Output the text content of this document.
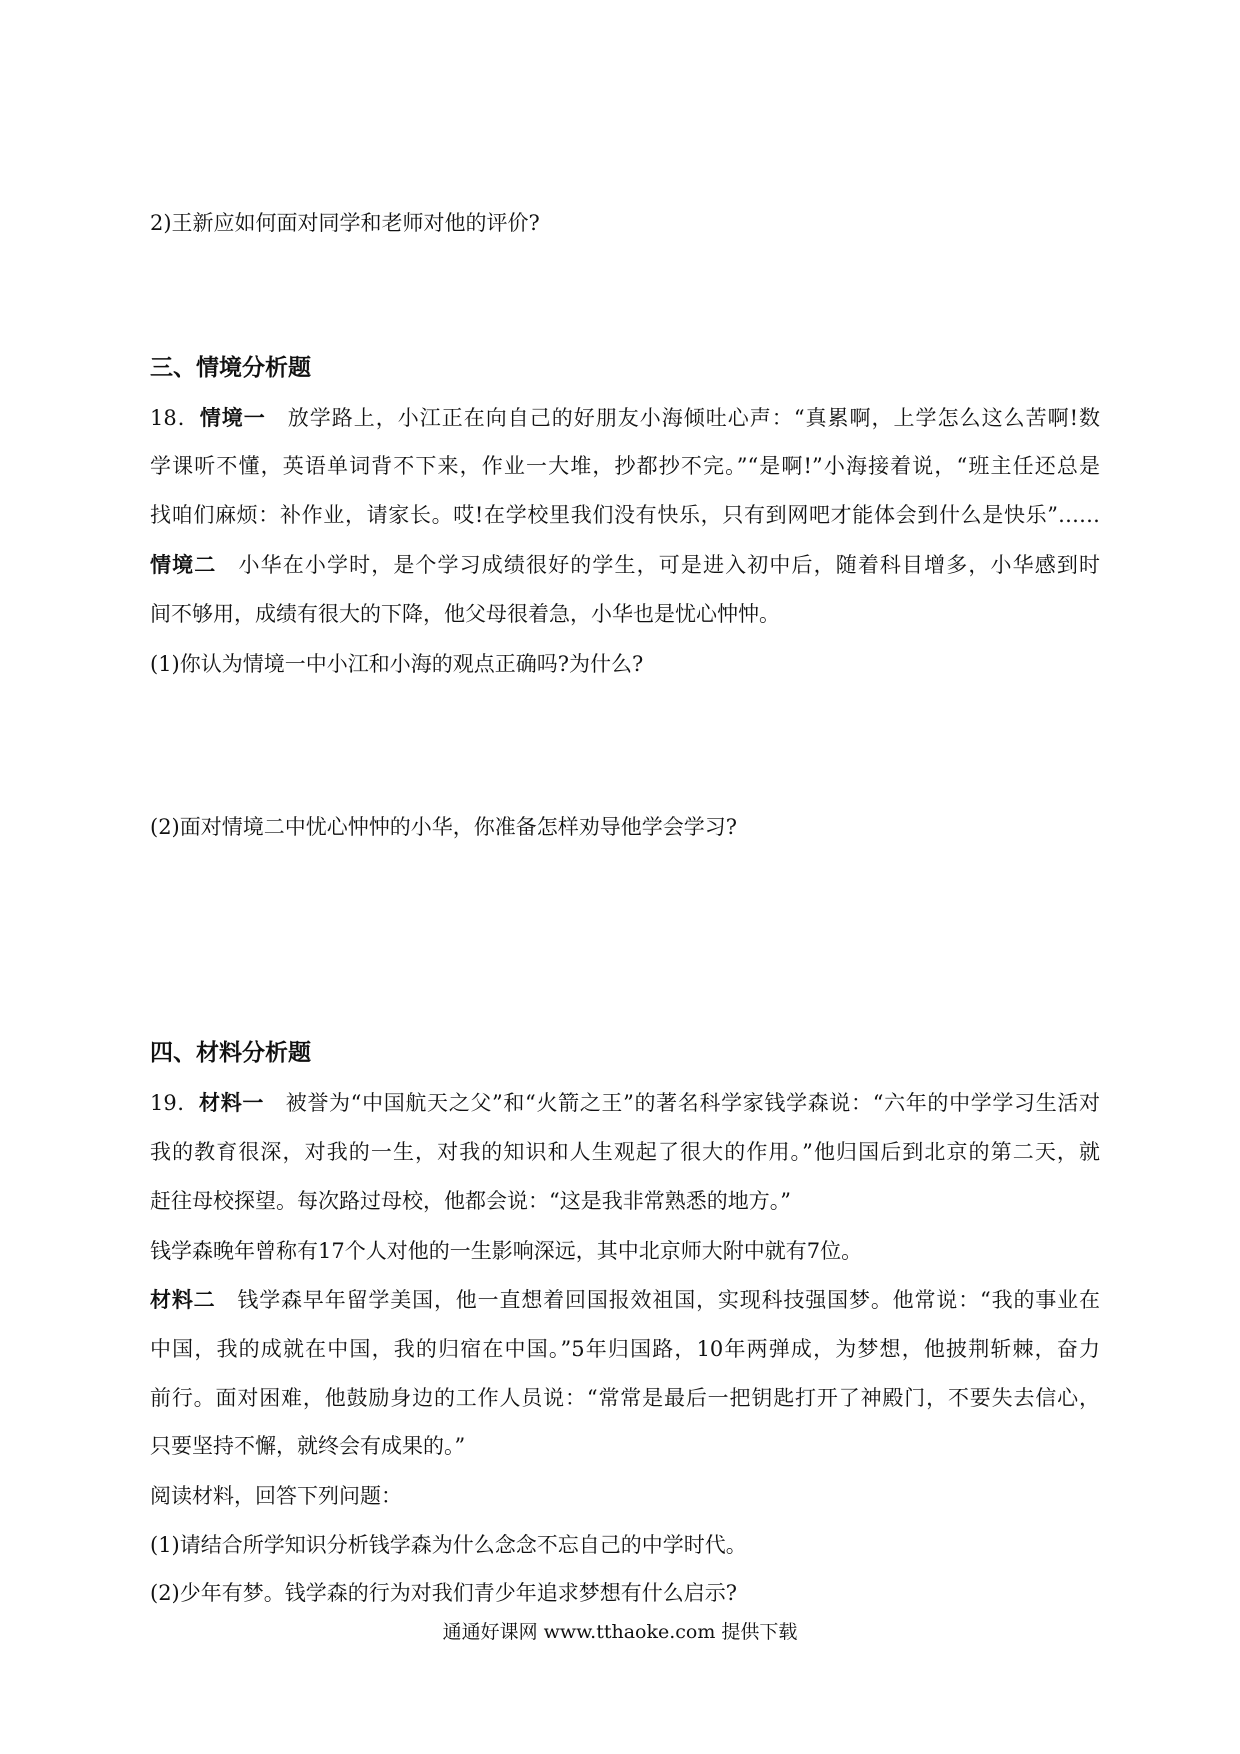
2)王新应如何面对同学和老师对他的评价?
三、情境分析题
18．情境一　 放学路上，小江正在向自己的好朋友小海倾吐心声：“真累啊，上学怎么这么苦啊!数
学课听不懂，英语单词背不下来，作业一大堆，抄都抄不完。”“是啊!”小海接着说，“班主任还总是
找咱们麻烦：补作业，请家长。哎!在学校里我们没有快乐，只有到网吧才能体会到什么是快乐”……
情境二　 小华在小学时，是个学习成绩很好的学生，可是进入初中后，随着科目增多，小华感到时
间不够用，成绩有很大的下降，他父母很着急，小华也是忧心忡忡。
(1)你认为情境一中小江和小海的观点正确吗?为什么?
(2)面对情境二中忧心忡忡的小华，你准备怎样劝导他学会学习?
四、材料分析题
19．材料一　 被誉为“中国航天之父”和“火箭之王”的著名科学家钱学森说：“六年的中学学习生活对
我的教育很深，对我的一生，对我的知识和人生观起了很大的作用。”他归国后到北京的第二天，就
赶往母校探望。每次路过母校，他都会说：“这是我非常熟悉的地方。”
钱学森晚年曾称有17个人对他的一生影响深远，其中北京师大附中就有7位。
材料二　 钱学森早年留学美国，他一直想着回国报效祖国，实现科技强国梦。他常说：“我的事业在
中国，我的成就在中国，我的归宿在中国。”5年归国路，10年两弹成，为梦想，他披荆斩棘，奋力
前行。面对困难，他鼓励身边的工作人员说：“常常是最后一把钥匙打开了神殿门，不要失去信心，
只要坚持不懈，就终会有成果的。”
阅读材料，回答下列问题：
(1)请结合所学知识分析钱学森为什么念念不忘自己的中学时代。
(2)少年有梦。钱学森的行为对我们青少年追求梦想有什么启示?
通通好课网 www.tthaoke.com 提供下载
